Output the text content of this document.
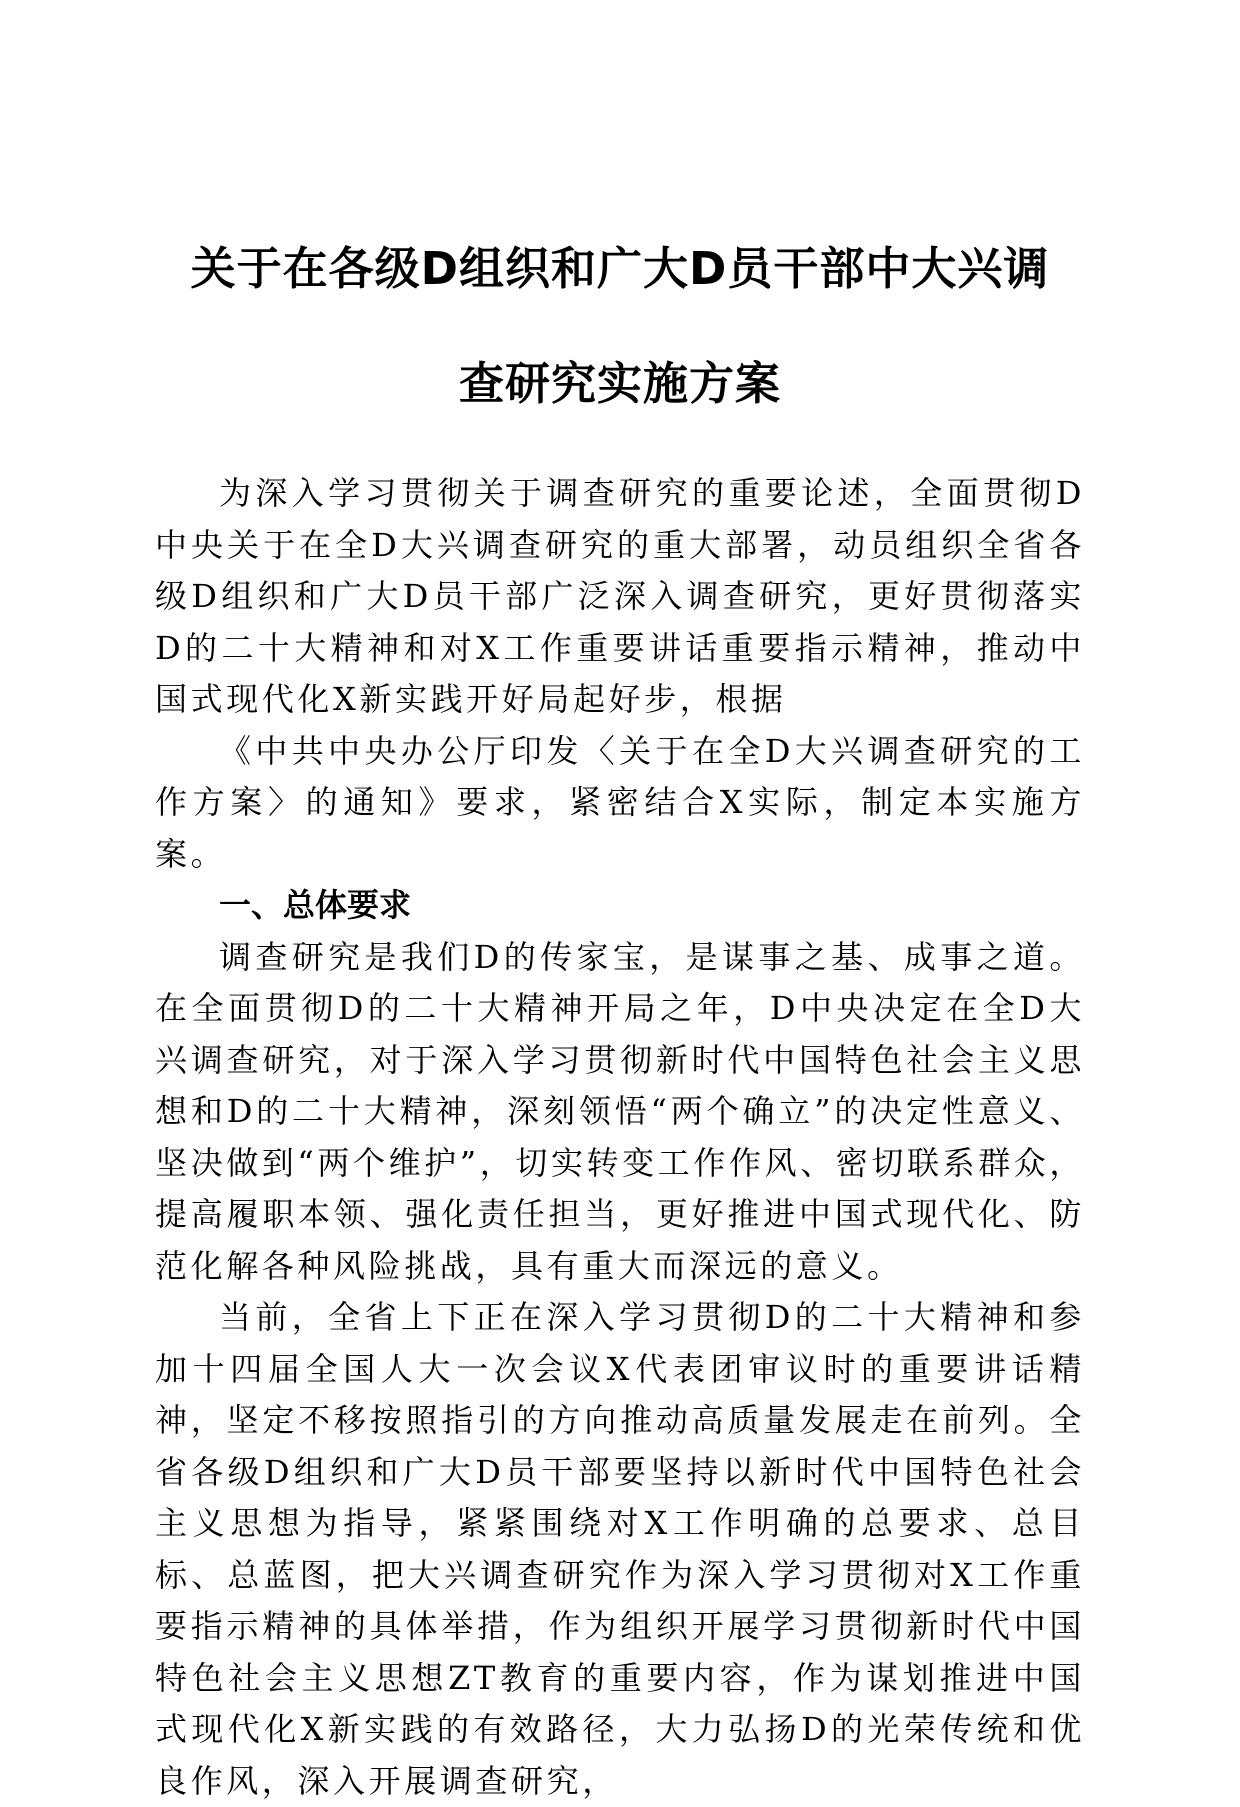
关于在各级D组织和广大D员干部中大兴调
查研究实施方案

为深入学习贯彻关于调查研究的重要论述，全面贯彻D中央关于在全D大兴调查研究的重大部署，动员组织全省各级D组织和广大D员干部广泛深入调查研究，更好贯彻落实D的二十大精神和对X工作重要讲话重要指示精神，推动中国式现代化X新实践开好局起好步，根据

《中共中央办公厅印发〈关于在全D大兴调查研究的工作方案〉的通知》要求，紧密结合X实际，制定本实施方案。

一、总体要求

调查研究是我们D的传家宝，是谋事之基、成事之道。在全面贯彻D的二十大精神开局之年，D中央决定在全D大兴调查研究，对于深入学习贯彻新时代中国特色社会主义思想和D的二十大精神，深刻领悟“两个确立”的决定性意义、坚决做到“两个维护”，切实转变工作作风、密切联系群众，提高履职本领、强化责任担当，更好推进中国式现代化、防范化解各种风险挑战，具有重大而深远的意义。

当前，全省上下正在深入学习贯彻D的二十大精神和参加十四届全国人大一次会议X代表团审议时的重要讲话精神，坚定不移按照指引的方向推动高质量发展走在前列。全省各级D组织和广大D员干部要坚持以新时代中国特色社会主义思想为指导，紧紧围绕对X工作明确的总要求、总目标、总蓝图，把大兴调查研究作为深入学习贯彻对X工作重要指示精神的具体举措，作为组织开展学习贯彻新时代中国特色社会主义思想ZT教育的重要内容，作为谋划推进中国式现代化X新实践的有效路径，大力弘扬D的光荣传统和优良作风，深入开展调查研究，
